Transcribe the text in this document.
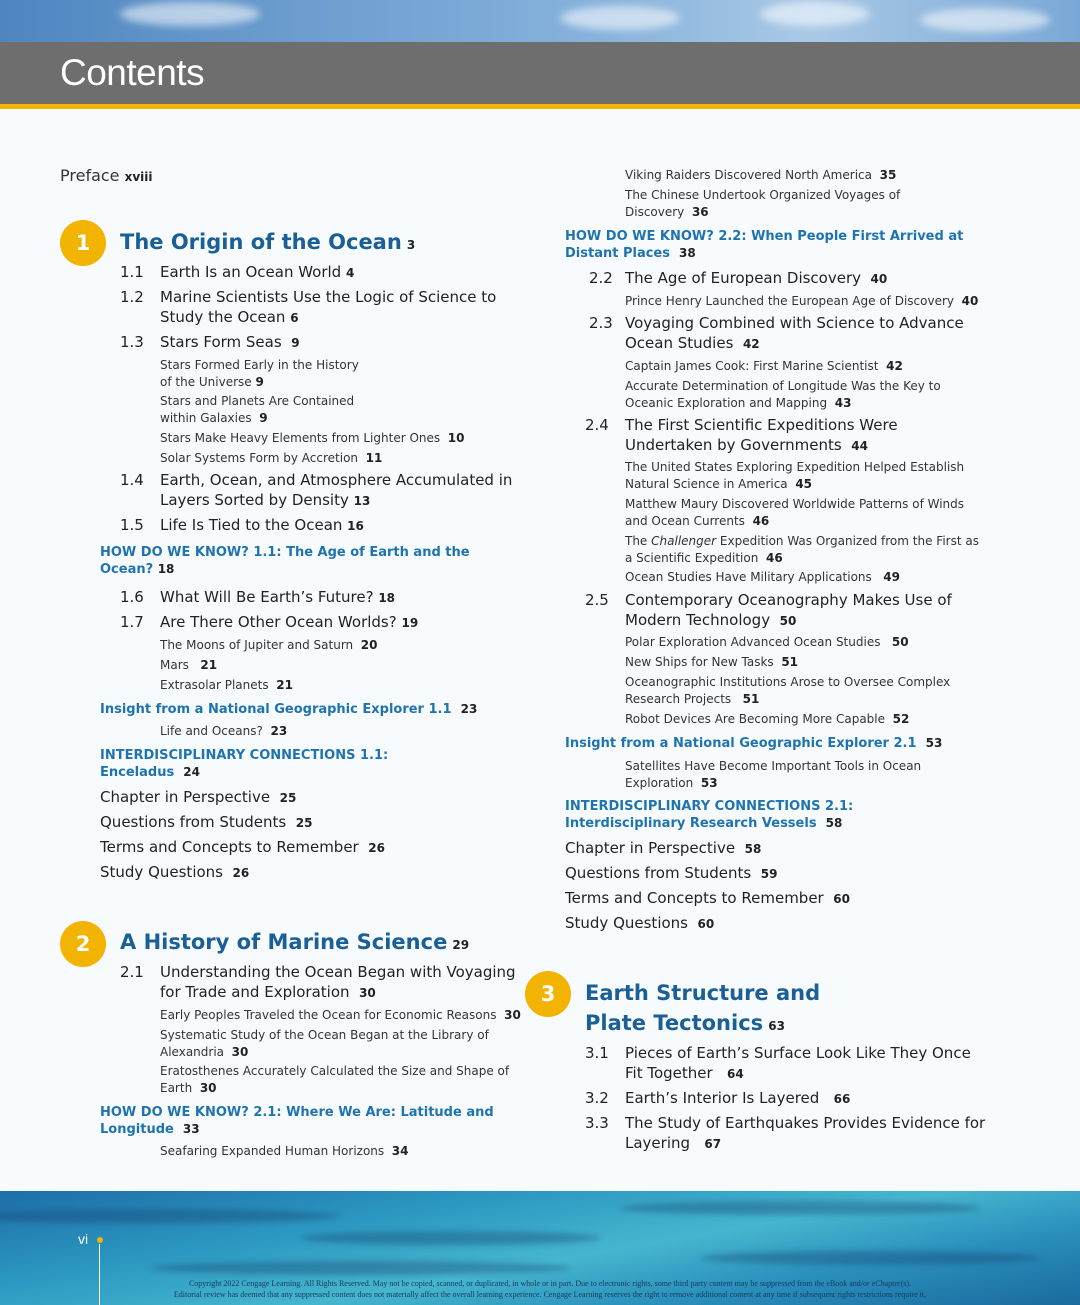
Contents
Preface xviii
1	The Origin of the Ocean 3
1.1 Earth Is an Ocean World 4
1.2 Marine Scientists Use the Logic of Science to
Study the Ocean 6
1.3 Stars Form Seas 9
Stars Formed Early in the History
of the Universe 9
Stars and Planets Are Contained
within Galaxies 9
Stars Make Heavy Elements from Lighter Ones 10
Solar Systems Form by Accretion 11
1.4 Earth, Ocean, and Atmosphere Accumulated in
Layers Sorted by Density 13
1.5 Life Is Tied to the Ocean 16
HOW DO WE KNOW? 1.1: The Age of Earth and the
Ocean? 18
1.6 What Will Be Earth’s Future? 18
1.7 Are There Other Ocean Worlds? 19
The Moons of Jupiter and Saturn 20
Mars 21
Extrasolar Planets 21
Insight from a National Geographic Explorer 1.1 23
Life and Oceans? 23
INTERDISCIPLINARY CONNECTIONS 1.1:
Enceladus 24
Chapter in Perspective 25
Questions from Students 25
Terms and Concepts to Remember 26
Study Questions 26
2	A History of Marine Science 29
2.1 Understanding the Ocean Began with Voyaging
for Trade and Exploration 30
Early Peoples Traveled the Ocean for Economic Reasons 30
Systematic Study of the Ocean Began at the Library of
Alexandria 30
Eratosthenes Accurately Calculated the Size and Shape of
Earth 30
HOW DO WE KNOW? 2.1: Where We Are: Latitude and
Longitude 33
Seafaring Expanded Human Horizons 34
Viking Raiders Discovered North America 35
The Chinese Undertook Organized Voyages of
Discovery 36
HOW DO WE KNOW? 2.2: When People First Arrived at
Distant Places 38
2.2 The Age of European Discovery 40
Prince Henry Launched the European Age of Discovery 40
2.3 Voyaging Combined with Science to Advance
Ocean Studies 42
Captain James Cook: First Marine Scientist 42
Accurate Determination of Longitude Was the Key to
Oceanic Exploration and Mapping 43
2.4 The First Scientific Expeditions Were
Undertaken by Governments 44
The United States Exploring Expedition Helped Establish
Natural Science in America 45
Matthew Maury Discovered Worldwide Patterns of Winds
and Ocean Currents 46
The Challenger Expedition Was Organized from the First as
a Scientific Expedition 46
Ocean Studies Have Military Applications 49
2.5 Contemporary Oceanography Makes Use of
Modern Technology 50
Polar Exploration Advanced Ocean Studies 50
New Ships for New Tasks 51
Oceanographic Institutions Arose to Oversee Complex
Research Projects 51
Robot Devices Are Becoming More Capable 52
Insight from a National Geographic Explorer 2.1 53
Satellites Have Become Important Tools in Ocean
Exploration 53
INTERDISCIPLINARY CONNECTIONS 2.1:
Interdisciplinary Research Vessels 58
Chapter in Perspective 58
Questions from Students 59
Terms and Concepts to Remember 60
Study Questions 60
3	Earth Structure and
Plate Tectonics 63
3.1 Pieces of Earth’s Surface Look Like They Once
Fit Together 64
3.2 Earth’s Interior Is Layered 66
3.3 The Study of Earthquakes Provides Evidence for
Layering 67
vi
Copyright 2022 Cengage Learning. All Rights Reserved. May not be copied, scanned, or duplicated, in whole or in part. Due to electronic rights, some third party content may be suppressed from the eBook and/or eChapter(s).
Editorial review has deemed that any suppressed content does not materially affect the overall learning experience. Cengage Learning reserves the right to remove additional content at any time if subsequent rights restrictions require it.
